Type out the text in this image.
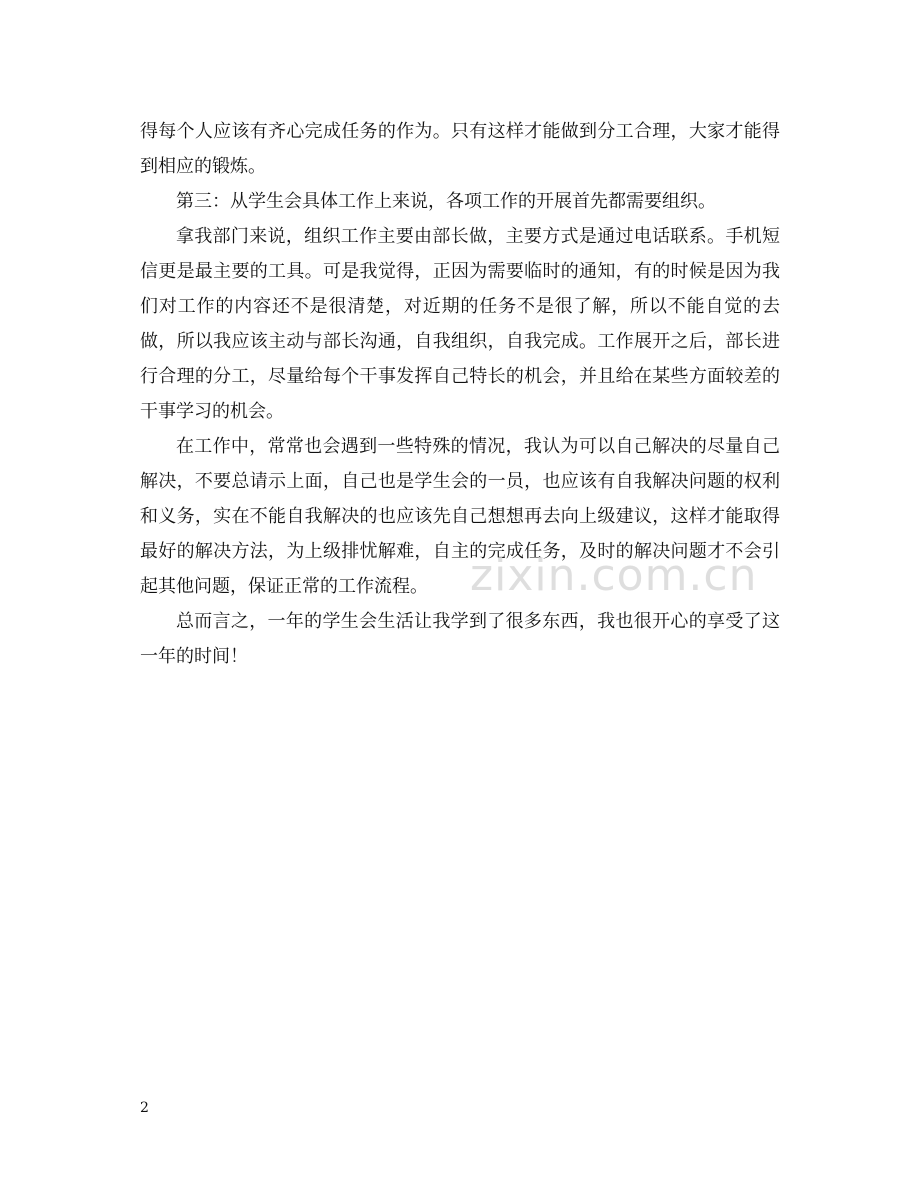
得每个人应该有齐心完成任务的作为。只有这样才能做到分工合理，大家才能得
到相应的锻炼。
第三：从学生会具体工作上来说，各项工作的开展首先都需要组织。
拿我部门来说，组织工作主要由部长做，主要方式是通过电话联系。手机短
信更是最主要的工具。可是我觉得，正因为需要临时的通知，有的时候是因为我
们对工作的内容还不是很清楚，对近期的任务不是很了解，所以不能自觉的去
做，所以我应该主动与部长沟通，自我组织，自我完成。工作展开之后，部长进
行合理的分工，尽量给每个干事发挥自己特长的机会，并且给在某些方面较差的
干事学习的机会。
在工作中，常常也会遇到一些特殊的情况，我认为可以自己解决的尽量自己
解决，不要总请示上面，自己也是学生会的一员，也应该有自我解决问题的权利
和义务，实在不能自我解决的也应该先自己想想再去向上级建议，这样才能取得
最好的解决方法，为上级排忧解难，自主的完成任务，及时的解决问题才不会引
起其他问题，保证正常的工作流程。
总而言之，一年的学生会生活让我学到了很多东西，我也很开心的享受了这
一年的时间！
zixin.com.cn
2
